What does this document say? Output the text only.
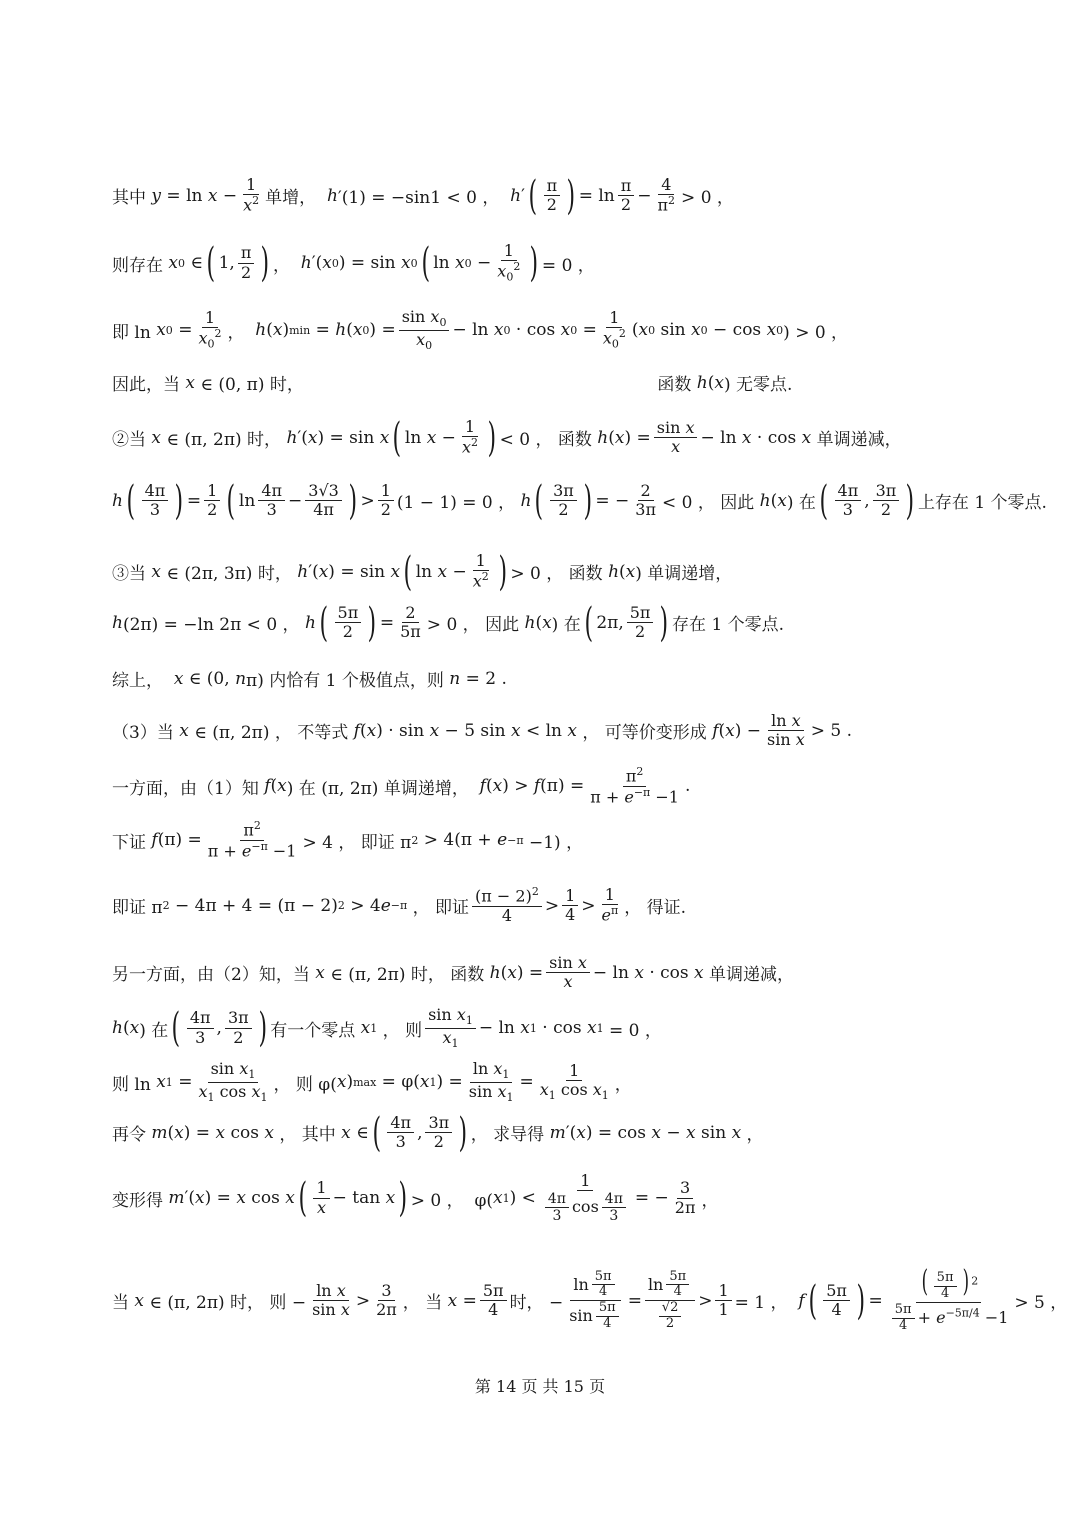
其中 $y = \ln x - \frac{1}{x^2}$ 单增， h ′(1) = −sin1 < 0 ， h ′ ( $\frac{\pi}{2}$ ) = $\ln \frac{\pi}{2} - \frac{4}{\pi^2} > 0$ ，
则存在 x 0 ∈ ( 1, $\frac{\pi}{2}$ ) ， h ′( x 0 ) = sin x 0 ( ln x $0 - \frac{1}{x_0^2}$ ) = 0 ，
即 ln x $0 = \frac{1}{x_0^2}$ ， h ( x ) min = h ( x 0 ) = $\frac{\sin x_0}{x_0} - \ln x$ 0 · cos x $0 = \frac{1}{x_0^2}$ ( x 0 sin x 0 − cos x 0 ) > 0 ，
因此，当 x ∈ (0, π) 时，	函数 h ( x ) 无零点.
②当 x ∈ (π, 2π) 时， h ′( x ) = sin x ( $\ln x - \frac{1}{x^2}$ ) < 0 ， 函数 h ( x ) = $\frac{\text{sin x}}{x} - \ln x \cdot \cos x$ 单调递减，
h ( $\frac{4\pi}{3}$ ) = $\frac{1}{2}$ ( $\ln \frac{4\pi}{3} - \frac{3√3}{4\pi}$ ) > $\frac{1}{2} (1 - 1) = 0$ ， h ( $\frac{3\pi}{2}$ ) = − $\frac{2}{3\pi} < 0$ ， 因此 h ( x ) 在 ( $\frac{4\pi}{3}$ , $\frac{3\pi}{2}$ ) 上存在 1 个零点.
③当 x ∈ (2π, 3π) 时， h ′( x ) = sin x ( $\ln x - \frac{1}{x^2}$ ) > 0 ， 函数 h ( x ) 单调递增，
h (2π) = −ln 2π < 0 ， h ( $\frac{5\pi}{2}$ ) = $\frac{2}{5\pi} > 0$ ， 因此 h ( x ) 在 ( 2π, $\frac{5\pi}{2}$ ) 存在 1 个零点.
综上， x ∈ (0, n π) 内恰有 1 个极值点，则 n = 2 .
（3）当 x ∈ (π, 2π) ， 不等式 f ( x ) · sin x − 5 sin x < ln x ， 可等价变形成 f ( x ) − $\frac{\text{ln x}}{\text{sin x}} > 5$ .
一方面，由（1）知 f ( x ) 在 (π, 2π) 单调递增， f ( x ) > f $(\pi) = \frac{\pi^2}{\pi + e^{-\pi} -1}$ .
下证 f $(\pi) = \frac{\pi^2}{\pi + e^{-\pi} -1} > 4$ ， 即证 π 2 > 4(π + e −π −1) ，
即证 π 2 − 4π + 4 = (π − 2) 2 > 4 e −π ， 即证 $\frac{(\pi - 2)^2}{4} > \frac{1}{4} > \frac{1}{e^\pi}$ ， 得证.
另一方面，由（2）知，当 x ∈ (π, 2π) 时， 函数 h ( x ) = $\frac{\text{sin x}}{x} - \ln x \cdot \cos x$ 单调递减，
h ( x ) 在 ( $\frac{4\pi}{3}$ , $\frac{3\pi}{2}$ ) 有一个零点 x 1 ， 则 $\frac{\sin x_1}{x_1} - \ln x$ 1 · cos x 1 = 0 ，
则 ln x $1 = \frac{\sin x_1}{x_1 \cos x_1}$ ， 则 φ( x ) max = φ( x 1 ) = $\frac{\ln x_1}{\sin x_1} = \frac{1}{x_1 \cos x_1}$ ，
再令 m ( x ) = x cos x ， 其中 x ∈ ( $\frac{4\pi}{3}$ , $\frac{3\pi}{2}$ ) ， 求导得 m ′( x ) = cos x − x sin x ，
变形得 m ′( x ) = x cos x ( $\frac{1}{x} - \tan x$ ) > 0 ，  φ( x 1 ) < $\frac{1}{\frac{4\pi}{3} \cos \frac{4\pi}{3}}$ = − $\frac{3}{2\pi}$ ，
当 x ∈ (π, 2π) 时， 则 − $\frac{\text{ln x}}{\text{sin x}} > \frac{3}{2\pi}$ ， 当 $x = \frac{5\pi}{4}$ 时， − $\frac{\ln \frac{5\pi}{4}}{\sin \frac{5\pi}{4}} = \frac{\ln \frac{5\pi}{4}}{\frac{√2}{2}} > \frac{1}{1} = 1$ ， f ( $\frac{5\pi}{4}$ ) = $\frac{( \frac{5\pi}{4} ) ^2}{\frac{5\pi}{4} + e^{-5\pi/4} -1} > 5$ ，
第 14 页 共 15 页
